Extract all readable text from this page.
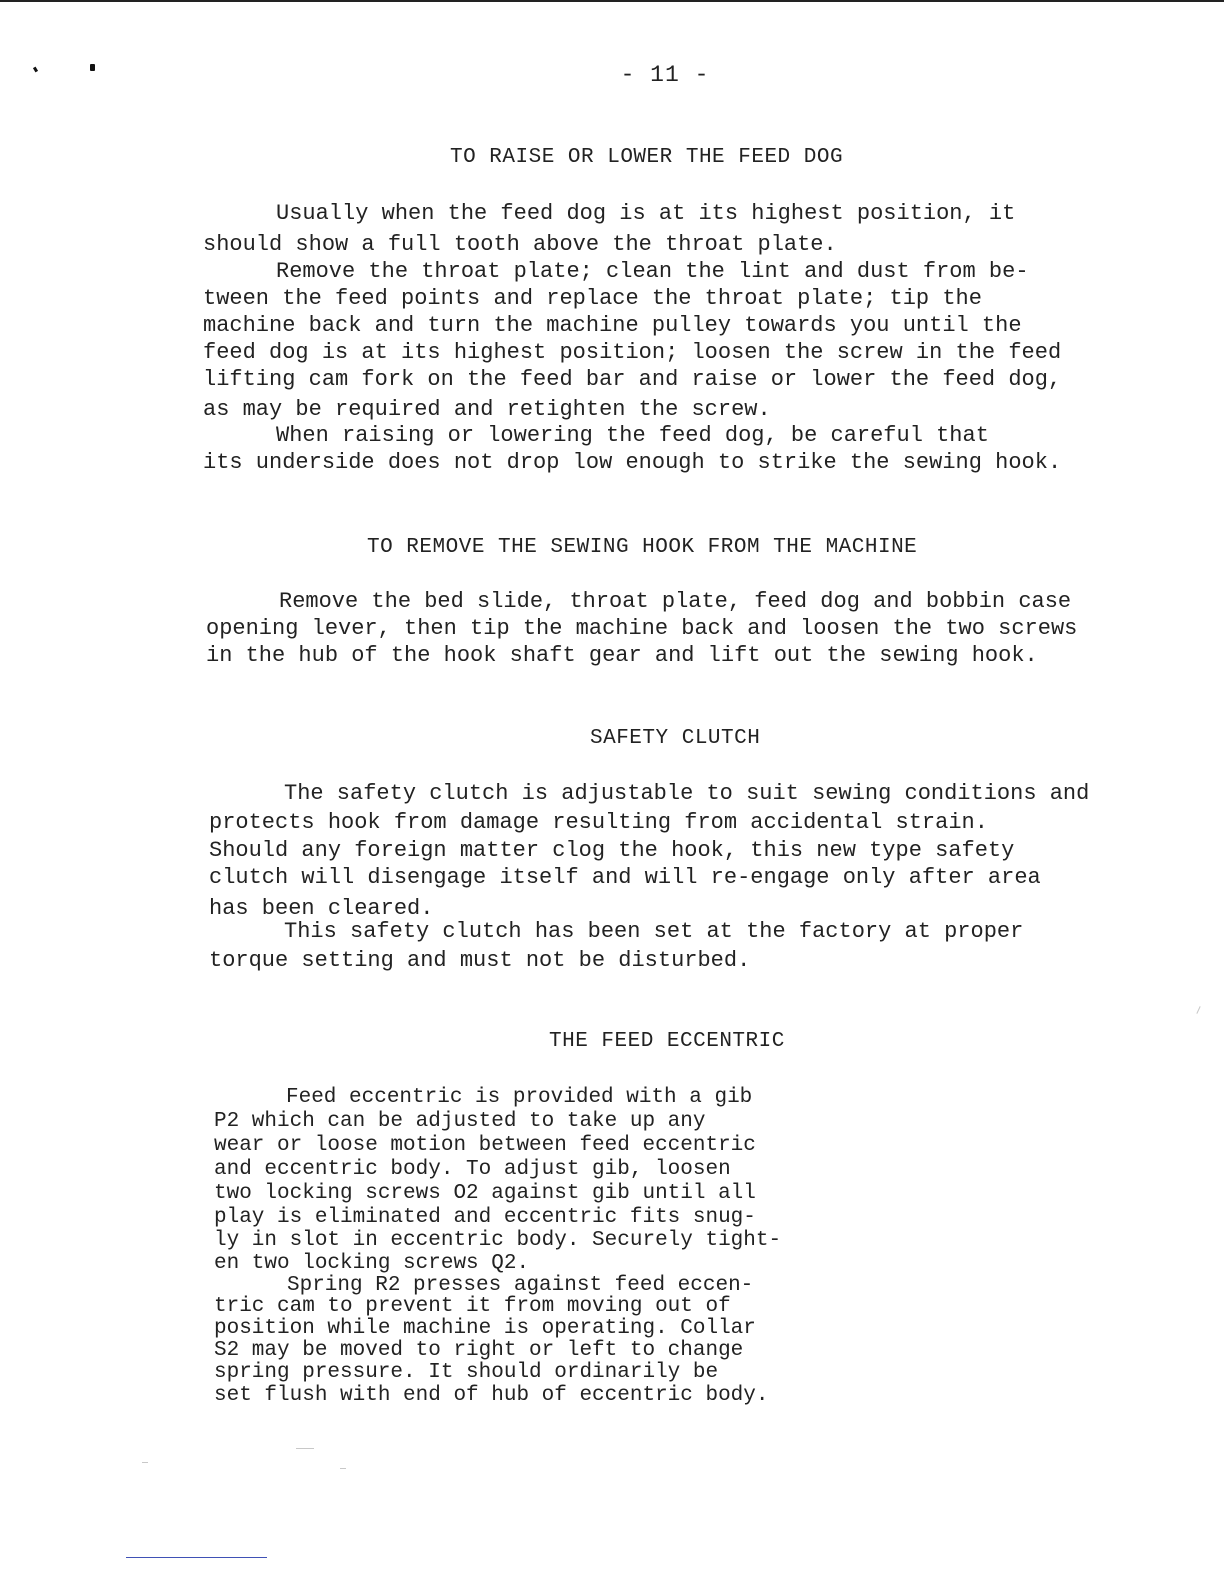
- 11 -
TO RAISE OR LOWER THE FEED DOG
Usually when the feed dog is at its highest position, it
should show a full tooth above the throat plate.
Remove the throat plate; clean the lint and dust from be-
tween the feed points and replace the throat plate; tip the
machine back and turn the machine pulley towards you until the
feed dog is at its highest position; loosen the screw in the feed
lifting cam fork on the feed bar and raise or lower the feed dog,
as may be required and retighten the screw.
When raising or lowering the feed dog, be careful that
its underside does not drop low enough to strike the sewing hook.
TO REMOVE THE SEWING HOOK FROM THE MACHINE
Remove the bed slide, throat plate, feed dog and bobbin case
opening lever, then tip the machine back and loosen the two screws
in the hub of the hook shaft gear and lift out the sewing hook.
SAFETY CLUTCH
The safety clutch is adjustable to suit sewing conditions and
protects hook from damage resulting from accidental strain.
Should any foreign matter clog the hook, this new type safety
clutch will disengage itself and will re-engage only after area
has been cleared.
This safety clutch has been set at the factory at proper
torque setting and must not be disturbed.
THE FEED ECCENTRIC
Feed eccentric is provided with a gib
P2 which can be adjusted to take up any
wear or loose motion between feed eccentric
and eccentric body. To adjust gib, loosen
two locking screws O2 against gib until all
play is eliminated and eccentric fits snug-
ly in slot in eccentric body. Securely tight-
en two locking screws Q2.
Spring R2 presses against feed eccen-
tric cam to prevent it from moving out of
position while machine is operating. Collar
S2 may be moved to right or left to change
spring pressure. It should ordinarily be
set flush with end of hub of eccentric body.
